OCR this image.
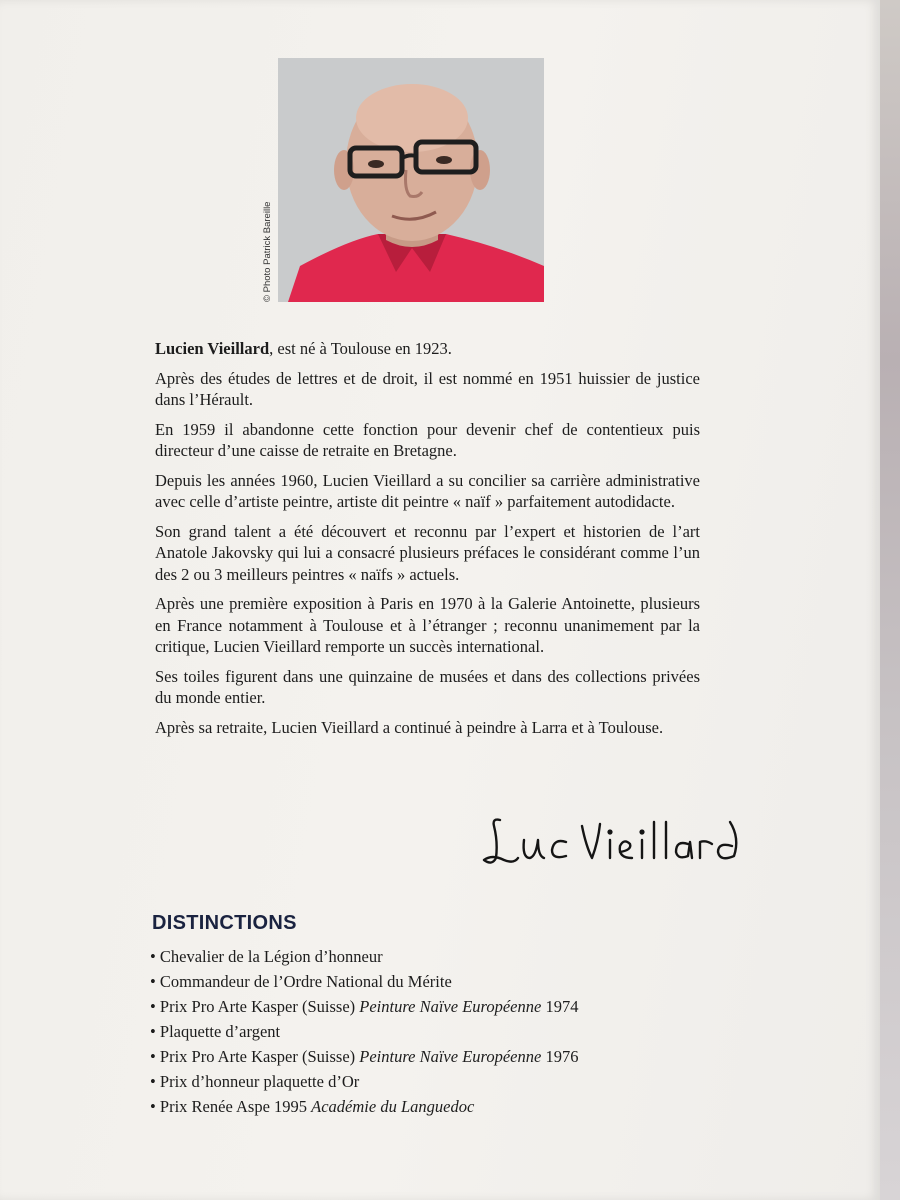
© Photo Patrick Bareille

Lucien Vieillard, est né à Toulouse en 1923.

Après des études de lettres et de droit, il est nommé en 1951 huissier de justice dans l’Hérault.

En 1959 il abandonne cette fonction pour devenir chef de contentieux puis directeur d’une caisse de retraite en Bretagne.

Depuis les années 1960, Lucien Vieillard a su concilier sa carrière administrative avec celle d’artiste peintre, artiste dit peintre « naïf » parfaitement autodidacte.

Son grand talent a été découvert et reconnu par l’expert et historien de l’art Anatole Jakovsky qui lui a consacré plusieurs préfaces le considérant comme l’un des 2 ou 3 meilleurs peintres « naïfs » actuels.

Après une première exposition à Paris en 1970 à la Galerie Antoinette, plusieurs en France notamment à Toulouse et à l’étranger ; reconnu unanimement par la critique, Lucien Vieillard remporte un succès international.

Ses toiles figurent dans une quinzaine de musées et dans des collections privées du monde entier.

Après sa retraite, Lucien Vieillard a continué à peindre à Larra et à Toulouse.

DISTINCTIONS
• Chevalier de la Légion d’honneur
• Commandeur de l’Ordre National du Mérite
• Prix Pro Arte Kasper (Suisse) Peinture Naïve Européenne 1974
• Plaquette d’argent
• Prix Pro Arte Kasper (Suisse) Peinture Naïve Européenne 1976
• Prix d’honneur plaquette d’Or
• Prix Renée Aspe 1995 Académie du Languedoc
